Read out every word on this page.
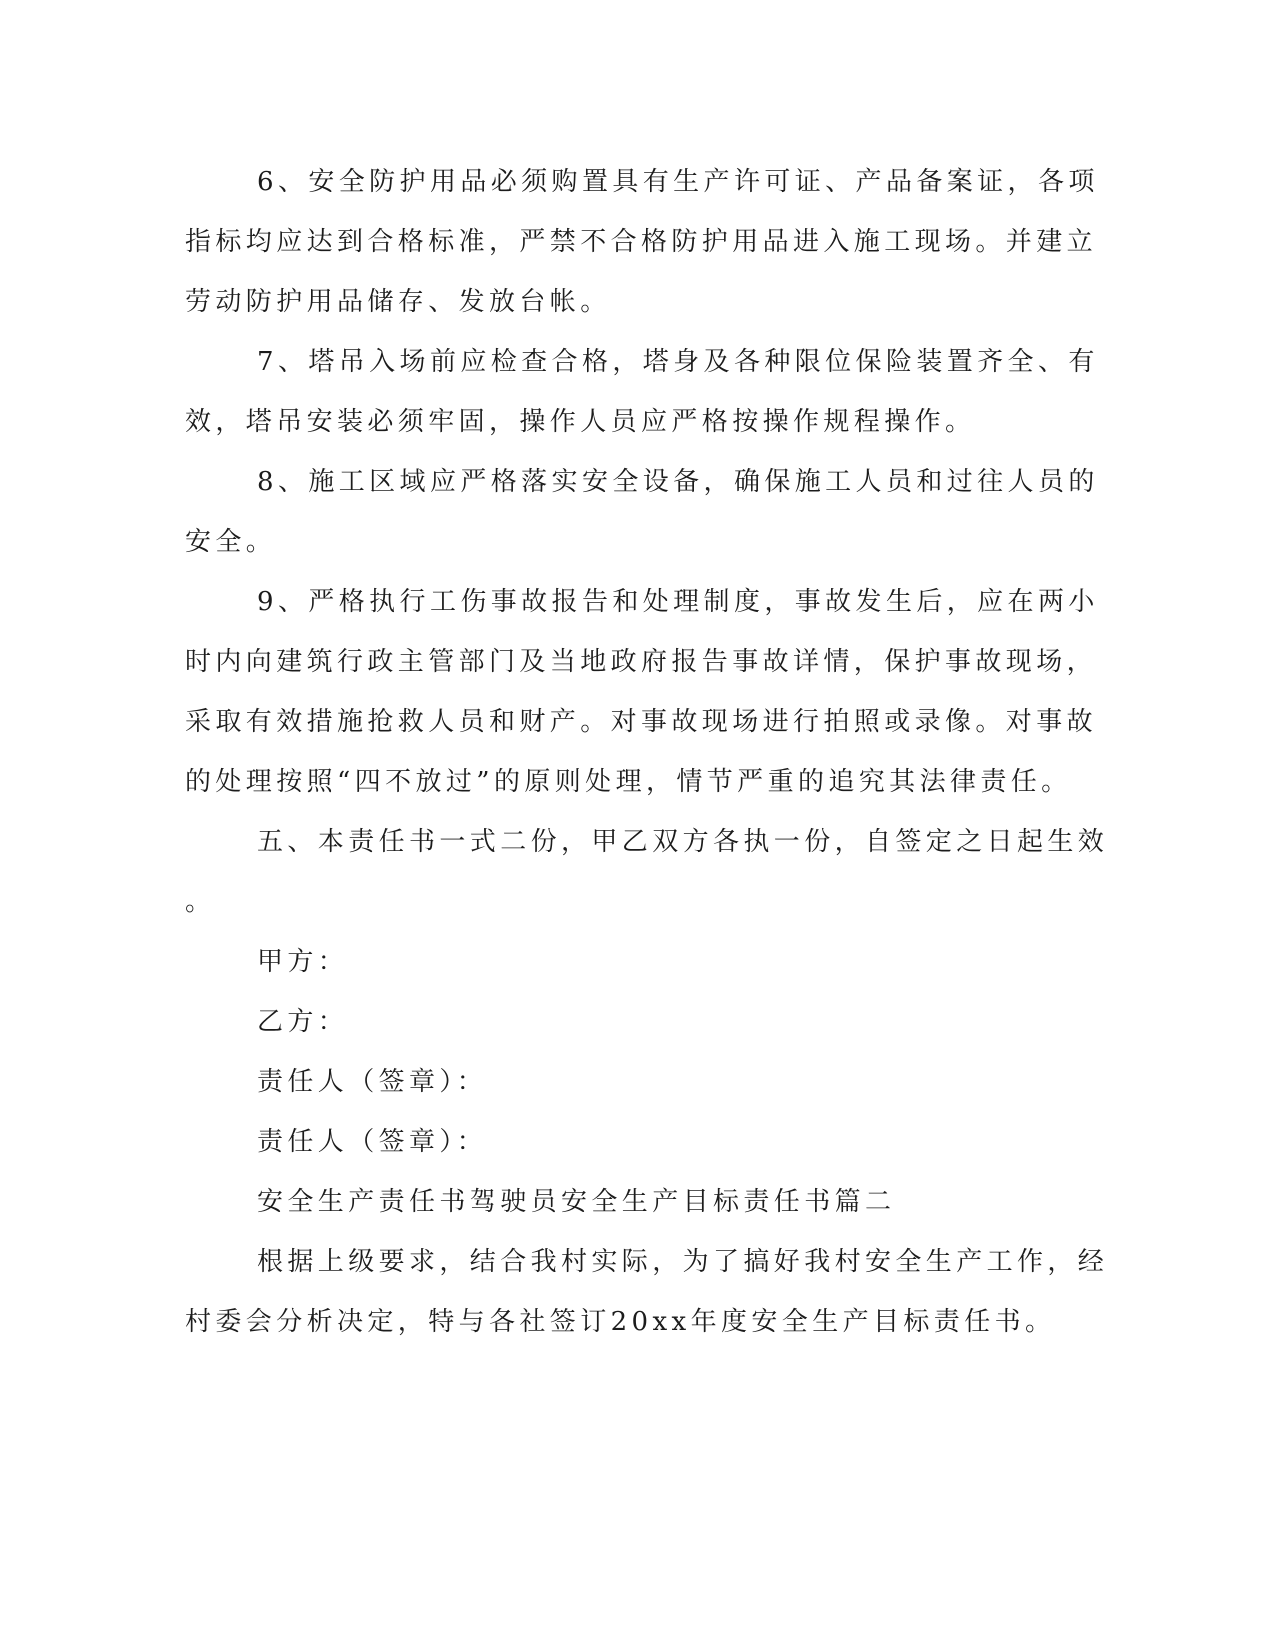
6、安全防护用品必须购置具有生产许可证、产品备案证，各项
指标均应达到合格标准，严禁不合格防护用品进入施工现场。并建立
劳动防护用品储存、发放台帐。
7、塔吊入场前应检查合格，塔身及各种限位保险装置齐全、有
效，塔吊安装必须牢固，操作人员应严格按操作规程操作。
8、施工区域应严格落实安全设备，确保施工人员和过往人员的
安全。
9、严格执行工伤事故报告和处理制度，事故发生后，应在两小
时内向建筑行政主管部门及当地政府报告事故详情，保护事故现场，
采取有效措施抢救人员和财产。对事故现场进行拍照或录像。对事故
的处理按照“四不放过”的原则处理，情节严重的追究其法律责任。
五、本责任书一式二份，甲乙双方各执一份，自签定之日起生效
。

甲方：

乙方：

责任人（签章）：

责任人（签章）：

安全生产责任书驾驶员安全生产目标责任书篇二

根据上级要求，结合我村实际，为了搞好我村安全生产工作，经
村委会分析决定，特与各社签订20xx年度安全生产目标责任书。
